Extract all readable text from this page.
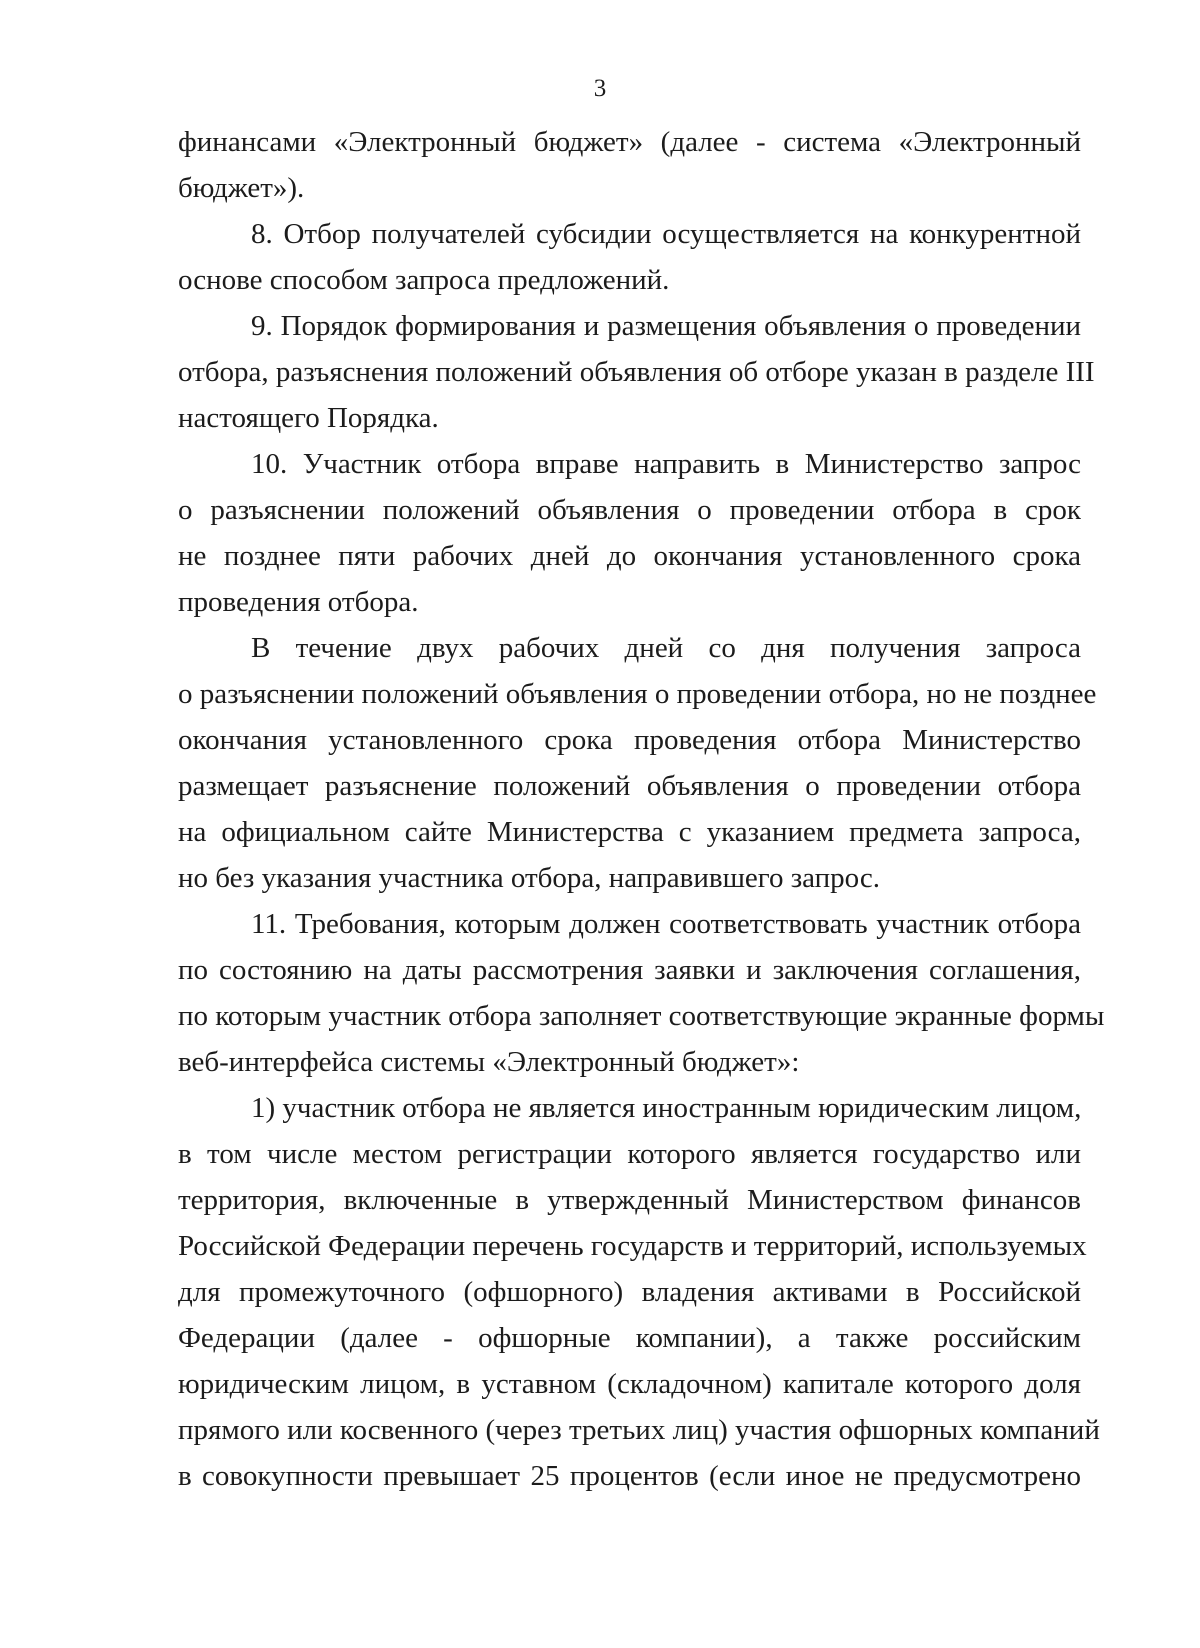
3
финансами «Электронный бюджет» (далее - система «Электронный
бюджет»).
8. Отбор получателей субсидии осуществляется на конкурентной
основе способом запроса предложений.
9. Порядок формирования и размещения объявления о проведении
отбора, разъяснения положений объявления об отборе указан в разделе III
настоящего Порядка.
10. Участник отбора вправе направить в Министерство запрос
о разъяснении положений объявления о проведении отбора в срок
не позднее пяти рабочих дней до окончания установленного срока
проведения отбора.
В течение двух рабочих дней со дня получения запроса
о разъяснении положений объявления о проведении отбора, но не позднее
окончания установленного срока проведения отбора Министерство
размещает разъяснение положений объявления о проведении отбора
на официальном сайте Министерства с указанием предмета запроса,
но без указания участника отбора, направившего запрос.
11. Требования, которым должен соответствовать участник отбора
по состоянию на даты рассмотрения заявки и заключения соглашения,
по которым участник отбора заполняет соответствующие экранные формы
веб-интерфейса системы «Электронный бюджет»:
1) участник отбора не является иностранным юридическим лицом,
в том числе местом регистрации которого является государство или
территория, включенные в утвержденный Министерством финансов
Российской Федерации перечень государств и территорий, используемых
для промежуточного (офшорного) владения активами в Российской
Федерации (далее - офшорные компании), а также российским
юридическим лицом, в уставном (складочном) капитале которого доля
прямого или косвенного (через третьих лиц) участия офшорных компаний
в совокупности превышает 25 процентов (если иное не предусмотрено
